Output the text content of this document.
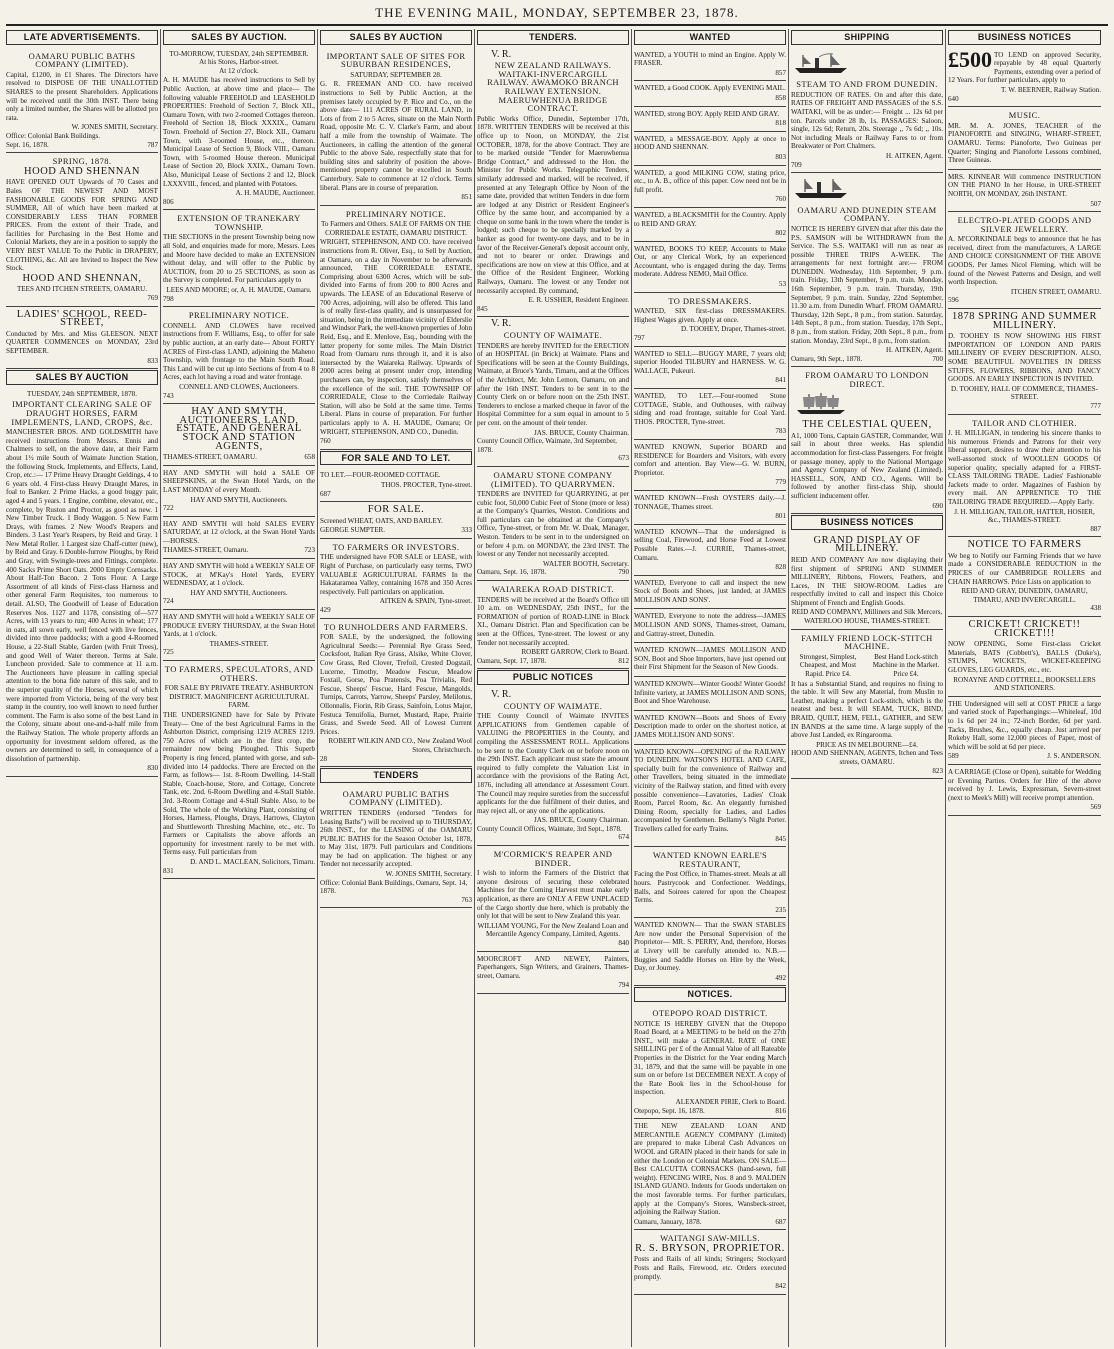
THE EVENING MAIL, MONDAY, SEPTEMBER 23, 1878.
LATE ADVERTISEMENTS.
OAMARU PUBLIC BATHS COMPANY (LIMITED).

Capital, £1200, in £1 Shares. The Directors have resolved to DISPOSE OF THE UNALLOTTED SHARES to the present Shareholders. Applications will be received until the 30th INST. There being only a limited number, the Shares will be allotted pro rata.

W. JONES SMITH, Secretary.
Office: Colonial Bank Buildings.
Sept. 16, 1878.	787
SPRING, 1878.
HOOD AND SHENNAN

HAVE OPENED OUT Upwards of 70 Cases and Bales OF THE NEWEST AND MOST FASHIONABLE GOODS FOR SPRING AND SUMMER, All of which have been marked at CONSIDERABLY LESS THAN FORMER PRICES. From the extent of their Trade, and facilities for Purchasing in the Best Home and Colonial Markets, they are in a position to supply the VERY BEST VALUE To the Public in DRAPERY, CLOTHING, &c. All are Invited to Inspect the New Stock.

HOOD AND SHENNAN,
TEES AND ITCHEN STREETS, OAMARU.
769
LADIES' SCHOOL, REED-STREET,

Conducted by Mrs. and Miss GLEESON. NEXT QUARTER COMMENCES on MONDAY, 23rd SEPTEMBER.

833
SALES BY AUCTION
TUESDAY, 24th SEPTEMBER, 1878.
IMPORTANT CLEARING SALE OF DRAUGHT HORSES, FARM IMPLEMENTS, LAND, CROPS, &c.

MANCHESTER BROS. AND GOLDSMITH have received instructions from Messrs. Ennis and Chalmers to sell, on the above date, at their Farm about 1½ mile South of Waimate Junction Station, the following Stock, Implements, and Effects, Land, Crop, etc.:— 17 Prime Heavy Draught Geldings, 4 to 6 years old. 4 First-class Heavy Draught Mares, in foal to Banker. 2 Prime Hacks, a good buggy pair, aged 4 and 5 years. 1 Engine, combine, elevator, etc., complete, by Ruston and Proctor, as good as new. 1 New Timber Truck. 1 Body Waggon. 5 New Farm Drays, with frames. 2 New Wood's Reapers and Binders. 3 Last Year's Reapers, by Reid and Gray. 1 New Metal Roller. 1 Largest size Chaff-cutter (new), by Reid and Gray. 6 Double-furrow Ploughs, by Reid and Gray, with Swingle-trees and Fittings, complete. 400 Sacks Prime Short Oats. 2000 Empty Cornsacks. About Half-Ton Bacon. 2 Tons Flour. A Large Assortment of all kinds of First-class Harness and other general Farm Requisites, too numerous to detail. ALSO, The Goodwill of Lease of Education Reserves Nos. 1127 and 1178, consisting of—577 Acres, with 13 years to run; 400 Acres in wheat; 177 in oats, all sown early, well fenced with live fences, divided into three paddocks; with a good 4-Roomed House, a 22-Stall Stable, Garden (with Fruit Trees), and good Well of Water thereon. Terms at Sale. Luncheon provided. Sale to commence at 11 a.m. The Auctioneers have pleasure in calling special attention to the bona fide nature of this sale, and to the superior quality of the Horses, several of which were imported from Victoria, being of the very best stamp in the country, too well known to need further comment. The Farm is also some of the best Land in the Colony, situate about one-and-a-half mile from the Railway Station. The whole property affords an opportunity for investment seldom offered, as the owners are determined to sell, in consequence of a dissolution of partnership.

830
SALES BY AUCTION.
TO-MORROW, TUESDAY, 24th SEPTEMBER.
At his Stores, Harbor-street.
At 12 o'clock.

A. H. MAUDE has received instructions to Sell by Public Auction, at above time and place— The following valuable FREEHOLD and LEASEHOLD PROPERTIES: Freehold of Section 7, Block XII., Oamaru Town, with two 2-roomed Cottages thereon. Freehold of Section 18, Block XXXIX., Oamaru Town. Freehold of Section 27, Block XII., Oamaru Town, with 3-roomed House, etc., thereon. Municipal Lease of Section 9, Block VIII., Oamaru Town, with 5-roomed House thereon. Municipal Lease of Section 20, Block XXIX., Oamaru Town. Also, Municipal Lease of Sections 2 and 12, Block LXXXVIII., fenced, and planted with Potatoes.

A. H. MAUDE, Auctioneer.
806
EXTENSION OF TRANEKARY TOWNSHIP.

THE SECTIONS in the present Township being now all Sold, and enquiries made for more, Messrs. Lees and Moore have decided to make an EXTENSION without delay, and will offer to the Public by AUCTION, from 20 to 25 SECTIONS, as soon as the Survey is completed. For particulars apply to

LEES AND MOORE; or, A. H. MAUDE, Oamaru.
798
PRELIMINARY NOTICE.

CONNELL AND CLOWES have received instructions from F. Williams, Esq., to offer for sale by public auction, at an early date— About FORTY ACRES of First-class LAND, adjoining the Maheno Township, with frontage to the Main South Road. This Land will be cut up into Sections of from 4 to 8 Acres, each lot having a road and water frontage.

CONNELL AND CLOWES, Auctioneers.
743
HAY AND SMYTH, AUCTIONEERS, LAND, ESTATE, AND GENERAL STOCK AND STATION AGENTS,
THAMES-STREET, OAMARU.	658

HAY AND SMYTH will hold a SALE OF SHEEPSKINS, at the Swan Hotel Yards, on the LAST MONDAY of every Month.

HAY AND SMYTH, Auctioneers.
722

HAY AND SMYTH will hold SALES EVERY SATURDAY, at 12 o'clock, at the Swan Hotel Yards—HORSES.

THAMES-STREET, Oamaru.	723

HAY AND SMYTH will hold a WEEKLY SALE OF STOCK, at M'Kay's Hotel Yards, EVERY WEDNESDAY, at 1 o'clock.

HAY AND SMYTH, Auctioneers.
724

HAY AND SMYTH will hold a WEEKLY SALE OF PRODUCE EVERY THURSDAY, at the Swan Hotel Yards, at 1 o'clock.

THAMES-STREET.
725
TO FARMERS, SPECULATORS, AND OTHERS.
FOR SALE BY PRIVATE TREATY. ASHBURTON DISTRICT. MAGNIFICENT AGRICULTURAL FARM.

THE UNDERSIGNED have for Sale by Private Treaty— One of the best Agricultural Farms in the Ashburton District, comprising 1219 ACRES 1219. 750 Acres of which are in the first crop, the remainder now being Ploughed. This Superb Property is ring fenced, planted with gorse, and sub-divided into 14 paddocks. There are Erected on the Farm, as follows— 1st. 8-Room Dwelling, 14-Stall Stable, Coach-house, Store, and Cottage, Concrete Tank, etc. 2nd. 6-Room Dwelling and 4-Stall Stable. 3rd. 3-Room Cottage and 4-Stall Stable. Also, to be Sold, The whole of the Working Plant, consisting of Horses, Harness, Ploughs, Drays, Harrows, Clayton and Shuttleworth Threshing Machine, etc., etc. To Farmers or Capitalists the above affords an opportunity for investment rarely to be met with. Terms easy. Full particulars from

D. AND L. MACLEAN, Solicitors, Timaru.
831
SALES BY AUCTION
IMPORTANT SALE OF SITES FOR SUBURBAN RESIDENCES,
SATURDAY, SEPTEMBER 28.

G. R. FREEMAN AND CO. have received instructions to Sell by Public Auction, at the premises lately occupied by P. Rice and Co., on the above date— 111 ACRES OF RURAL LAND, in Lots of from 2 to 5 Acres, situate on the Main North Road, opposite Mr. C. V. Clarke's Farm, and about half a mile from the township of Waimate. The Auctioneers, in calling the attention of the general Public to the above Sale, respectfully state that for building sites and salubrity of position the above-mentioned property cannot be excelled in South Canterbury. Sale to commence at 12 o'clock. Terms liberal. Plans are in course of preparation.

851
PRELIMINARY NOTICE.
To Farmers and Others. SALE OF FARMS ON THE CORRIEDALE ESTATE, OAMARU DISTRICT.

WRIGHT, STEPHENSON, AND CO. have received instructions from R. Oliver, Esq., to Sell by Auction, at Oamaru, on a day in November to be afterwards announced, THE CORRIEDALE ESTATE, Comprising about 6300 Acres, which will be sub-divided into Farms of from 200 to 800 Acres and upwards. The LEASE of an Educational Reserve of 700 Acres, adjoining, will also be offered. This land is of really first-class quality, and is unsurpassed for situation, being in the immediate vicinity of Elderslie and Windsor Park, the well-known properties of John Reid, Esq., and E. Menlove, Esq., bounding with the latter property for some miles. The Main District Road from Oamaru runs through it, and it is also intersected by the Waiareka Railway. Upwards of 2000 acres being at present under crop, intending purchasers can, by inspection, satisfy themselves of the excellence of the soil. THE TOWNSHIP OF CORRIEDALE, Close to the Corriedale Railway Station, will also be Sold at the same time. Terms Liberal. Plans in course of preparation. For further particulars apply to A. H. MAUDE, Oamaru; Or WRIGHT, STEPHENSON, AND CO., Dunedin.

760
FOR SALE AND TO LET.

TO LET.—FOUR-ROOMED COTTAGE.

THOS. PROCTER, Tyne-street.
687
FOR SALE.

Screened WHEAT, OATS, AND BARLEY.

GEORGE SUMPTER.	333
TO FARMERS OR INVESTORS.

THE undersigned have FOR SALE or LEASE, with Right of Purchase, on particularly easy terms, TWO VALUABLE AGRICULTURAL FARMS In the Hakataramea Valley, containing 1678 and 350 Acres respectively. Full particulars on application.

AITKEN & SPAIN, Tyne-street.
429
TO RUNHOLDERS AND FARMERS.

FOR SALE, by the undersigned, the following Agricultural Seeds:— Perennial Rye Grass Seed, Cocksfoot, Italian Rye Grass, Alsike, White Clover, Cow Grass, Red Clover, Trefoil, Crested Dogstail, Lucerne, Timothy, Meadow Fescue, Meadow Foxtail, Gorse, Poa Pratensis, Poa Trivialis, Red Fescue, Sheeps' Fescue, Hard Fescue, Mangolds, Turnips, Carrots, Yarrow, Sheeps' Parsley, Melilotus, Ollonnalis, Fiorin, Rib Grass, Sainfoin, Lotus Major, Festuca Tenuifolia, Burnet, Mustard, Rape, Prairie Grass, and Swede Seed. All of Lowest Current Prices.

ROBERT WILKIN AND CO., New Zealand Wool Stores, Christchurch.
28
TENDERS
OAMARU PUBLIC BATHS COMPANY (LIMITED).

WRITTEN TENDERS (endorsed "Tenders for Leasing Baths") will be received up to THURSDAY, 26th INST., for the LEASING of the OAMARU PUBLIC BATHS for the Season October 1st, 1878, to May 31st, 1879. Full particulars and Conditions may be had on application. The highest or any Tender not necessarily accepted.

W. JONES SMITH, Secretary.
Office: Colonial Bank Buildings, Oamaru, Sept. 14, 1878.
763
TENDERS.
V. R.
NEW ZEALAND RAILWAYS. WAITAKI-INVERCARGILL RAILWAY. AWAMOKO BRANCH RAILWAY EXTENSION. MAERUWHENUA BRIDGE CONTRACT.

Public Works Office, Dunedin, September 17th, 1878. WRITTEN TENDERS will be received at this office up to Noon, on MONDAY, the 21st OCTOBER, 1878, for the above Contract. They are to be marked outside "Tender for Maeruwhenua Bridge Contract," and addressed to the Hon. the Minister for Public Works. Telegraphic Tenders, similarly addressed and marked, will be received, if presented at any Telegraph Office by Noon of the same date, provided that written Tenders in due form are lodged at any District or Resident Engineer's Office by the same hour, and accompanied by a cheque on some bank in the town where the tender is lodged; such cheque to be specially marked by a banker as good for twenty-one days, and to be in favor of the Receiver-General's deposit account only, and not to bearer or order. Drawings and specifications are now on view at this Office, and at the Office of the Resident Engineer, Working Railways, Oamaru. The lowest or any Tender not necessarily accepted. By command,

E. R. USSHER, Resident Engineer.
845
V. R.
COUNTY OF WAIMATE.

TENDERS are hereby INVITED for the ERECTION of an HOSPITAL (in Brick) at Waimate. Plans and Specifications will be seen at the County Buildings, Waimate, at Bruce's Yards, Timaru, and at the Offices of the Architect, Mr. John Lemon, Oamaru, on and after the 16th INST. Tenders to be sent in to the County Clerk on or before noon on the 25th INST. Tenderers to enclose a marked cheque in favor of the Hospital Committee for a sum equal in amount to 5 per cent. on the amount of their tender.

JAS. BRUCE, County Chairman.
County Council Office, Waimate, 3rd September, 1878.
673
OAMARU STONE COMPANY (LIMITED). TO QUARRYMEN.

TENDERS are INVITED for QUARRYING, at per cubic foot, 50,000 Cubic Feet of Stone (more or less) at the Company's Quarries, Weston. Conditions and full particulars can be obtained at the Company's Office, Tyne-street, or from Mr. W. Doak, Manager, Weston. Tenders to be sent in to the undersigned on or before 4 p.m. on MONDAY, the 23rd INST. The lowest or any Tender not necessarily accepted.

WALTER BOOTH, Secretary.
Oamaru, Sept. 16, 1878.	790
WAIAREKA ROAD DISTRICT.

TENDERS will be received at the Board's Office till 10 a.m. on WEDNESDAY, 25th INST., for the FORMATION of portion of ROAD-LINE in Block XI., Oamaru District. Plan and Specification can be seen at the Offices, Tyne-street. The lowest or any Tender not necessarily accepted.

ROBERT GARROW, Clerk to Board.
Oamaru, Sept. 17, 1878.	812
PUBLIC NOTICES
V. R.
COUNTY OF WAIMATE.

THE County Council of Waimate INVITES APPLICATIONS from Gentlemen capable of VALUING the PROPERTIES in the County, and compiling the ASSESSMENT ROLL. Applications to be sent to the County Clerk on or before noon on the 29th INST. Each applicant must state the amount required to fully complete the Valuation List in accordance with the provisions of the Rating Act, 1876, including all attendance at Assessment Court. The Council may require sureties from the successful applicants for the due fulfilment of their duties, and may reject all, or any one of the applications.

JAS. BRUCE, County Chairman.
County Council Offices, Waimate, 3rd Sept., 1878.
674
M'CORMICK'S REAPER AND BINDER.

I wish to inform the Farmers of the District that anyone desirous of securing these celebrated Machines for the Coming Harvest must make early application, as there are ONLY A FEW UNPLACED of the Cargo shortly due here, which is probably the only lot that will be sent to New Zealand this year.

WILLIAM YOUNG, For the New Zealand Loan and Mercantile Agency Company, Limited, Agents.
840

MOORCROFT AND NEWEY, Painters, Paperhangers, Sign Writers, and Grainers, Thames-street, Oamaru.

794
WANTED

WANTED, a YOUTH to mind an Engine. Apply W. FRASER.

857

WANTED, a Good COOK. Apply EVENING MAIL.

858

WANTED, strong BOY. Apply REID AND GRAY.

818

WANTED, a MESSAGE-BOY. Apply at once to HOOD AND SHENNAN.

803

WANTED, a good MILKING COW, stating price, etc., to A. B., office of this paper. Cow need not be in full profit.

760

WANTED, a BLACKSMITH for the Country. Apply to REID AND GRAY.

802

WANTED, BOOKS TO KEEP, Accounts to Make Out, or any Clerical Work, by an experienced Accountant, who is engaged during the day. Terms moderate. Address NEMO, Mail Office.

53
TO DRESSMAKERS.

WANTED, SIX first-class DRESSMAKERS. Highest Wages given. Apply at once.

D. TOOHEY, Draper, Thames-street.
797

WANTED to SELL—BUGGY MARE, 7 years old; superior Hooded TILBURY and HARNESS. W. G. WALLACE, Pukeuri.

841

WANTED, TO LET.—Four-roomed Stone COTTAGE, Stable, and Outhouses, with railway siding and road frontage, suitable for Coal Yard. THOS. PROCTER, Tyne-street.

783

WANTED KNOWN, Superior BOARD and RESIDENCE for Boarders and Visitors, with every comfort and attention. Bay View—G. W. BURN, Proprietor.

779

WANTED KNOWN—Fresh OYSTERS daily.—J. TONNAGE, Thames street.

801

WANTED KNOWN—That the undersigned is selling Coal, Firewood, and Horse Feed at Lowest Possible Rates.—J. CURRIE, Thames-street, Oamaru.

828

WANTED, Everyone to call and inspect the new Stock of Boots and Shoes, just landed, at JAMES MOLLISON AND SONS'.

WANTED, Everyone to note the address—JAMES MOLLISON AND SONS, Thames-street, Oamaru, and Gattray-street, Dunedin.

WANTED KNOWN—JAMES MOLLISON AND SON, Boot and Shoe Importers, have just opened out their First Shipment for the Season of New Goods.

WANTED KNOWN—Winter Goods! Winter Goods! Infinite variety, at JAMES MOLLISON AND SONS, Boot and Shoe Warehouse.

WANTED KNOWN—Boots and Shoes of Every Description made to order on the shortest notice, at JAMES MOLLISON AND SONS'.

WANTED KNOWN—OPENING of the RAILWAY TO DUNEDIN. WATSON'S HOTEL AND CAFE, specially built for the convenience of Railway and other Travellers, being situated in the immediate vicinity of the Railway station, and fitted with every possible convenience—Lavatories, Ladies' Cloak Room, Parcel Room, &c. An elegantly furnished Dining Room, specially for Ladies, and Ladies accompanied by Gentlemen. Bellamy's Night Porter. Travellers called for early Trains.

845
WANTED KNOWN EARLE'S RESTAURANT,

Facing the Post Office, in Thames-street. Meals at all hours. Pastrycook and Confectioner. Weddings, Balls, and Soirees catered for upon the Cheapest Terms.

235

WANTED KNOWN— That the SWAN STABLES Are now under the Personal Supervision of the Proprietor— MR. S. PERRY, And, therefore, Horses at Livery will be carefully attended to. N.B.—Buggies and Saddle Horses on Hire by the Week, Day, or Journey.

492
NOTICES.
OTEPOPO ROAD DISTRICT.

NOTICE IS HEREBY GIVEN that the Otepopo Road Board, at a MEETING to be held on the 27th INST., will make a GENERAL RATE of ONE SHILLING per £ of the Annual Value of all Rateable Properties in the District for the Year ending March 31, 1879, and that the same will be payable in one sum on or before 1st DECEMBER NEXT. A copy of the Rate Book lies in the School-house for inspection.

ALEXANDER PIRIE, Clerk to Board.
Otepopo, Sept. 16, 1878.	816

THE NEW ZEALAND LOAN AND MERCANTILE AGENCY COMPANY (Limited) are prepared to make Liberal Cash Advances on WOOL and GRAIN placed in their hands for sale in either the London or Colonial Markets. ON SALE— Best CALCUTTA CORNSACKS (hand-sewn, full weight). FENCING WIRE, Nos. 8 and 9. MALDEN ISLAND GUANO. Indents for Goods undertaken on the most favorable terms. For further particulars, apply at the Company's Stores, Wansbeck-street, adjoining the Railway Station.

Oamaru, January, 1878.	687
WAITANGI SAW-MILLS.
R. S. BRYSON, PROPRIETOR.

Posts and Rails of all kinds; Stringers; Stockyard Posts and Rails, Firewood, etc. Orders executed promptly.

842
SHIPPING
STEAM TO AND FROM DUNEDIN.

REDUCTION OF RATES. On and after this date, RATES OF FREIGHT AND PASSAGES of the S.S. WAITAKI, will be as under:— Freight ... 12s 6d per ton. Parcels under 28 lb, 1s. PASSAGES: Saloon, single, 12s 6d; Return, 20s. Steerage ,, 7s 6d; ,, 10s. Not including Meals or Railway Fares to or from Breakwater or Port Chalmers.

H. AITKEN, Agent.
709
OAMARU AND DUNEDIN STEAM COMPANY.

NOTICE IS HEREBY GIVEN that after this date the P.S. SAMSON will be WITHDRAWN from the Service. The S.S. WAITAKI will run as near as possible THREE TRIPS A-WEEK. The arrangements for next fortnight are:— FROM DUNEDIN. Wednesday, 11th September, 9 p.m. train. Friday, 13th September, 9 p.m. train. Monday, 16th September, 9 p.m. train. Thursday, 19th September, 9 p.m. train. Sunday, 22nd September, 11.30 a.m. from Dunedin Wharf. FROM OAMARU. Thursday, 12th Sept., 8 p.m., from station. Saturday, 14th Sept., 8 p.m., from station. Tuesday, 17th Sept., 8 p.m., from station. Friday, 20th Sept., 8 p.m., from station. Monday, 23rd Sept., 8 p.m., from station.

H. AITKEN, Agent.
Oamaru, 9th Sept., 1878.	700
FROM OAMARU TO LONDON DIRECT.
THE CELESTIAL QUEEN,

A1, 1000 Tons, Captain GASTER, Commander, Will sail in about three weeks. Has splendid accommodation for first-class Passengers. For freight or passage money, apply to the National Mortgage and Agency Company of New Zealand (Limited). HASSELL, SON, AND CO., Agents. Will be followed by another first-class Ship, should sufficient inducement offer.

690
BUSINESS NOTICES
GRAND DISPLAY OF MILLINERY.

REID AND COMPANY Are now displaying their first shipment of SPRING AND SUMMER MILLINERY, Ribbons, Flowers, Feathers, and Laces, IN THE SHOW-ROOM. Ladies are respectfully invited to call and inspect this Choice Shipment of French and English Goods.

REID AND COMPANY, Milliners and Silk Mercers, WATERLOO HOUSE, THAMES-STREET.
FAMILY FRIEND LOCK-STITCH MACHINE.
Strongest, Simplest, Cheapest, and Most Rapid. Price £4.
Best Hand Lock-stitch Machine in the Market. Price £4.

It has a Substantial Stand, and requires no fixing to the table. It will Sew any Material, from Muslin to Leather, making a perfect Lock-stitch, which is the neatest and best. It will SEAM, TUCK, BIND, BRAID, QUILT, HEM, FELL, GATHER, and SEW IN BANDS at the same time. A large supply of the above Just Landed, ex Ringarooma.

PRICE AS IN MELBOURNE—£4.
HOOD AND SHENNAN, AGENTS, Itchen and Tees streets, OAMARU.
823
BUSINESS NOTICES
£500 TO LEND on approved Security, repayable by 48 equal Quarterly Payments, extending over a period of 12 Years. For further particulars, apply to

T. W. BEERNER, Railway Station.
640
MUSIC.

MR. M. A. JONES, TEACHER of the PIANOFORTE and SINGING, WHARF-STREET, OAMARU. Terms: Pianoforte, Two Guineas per Quarter; Singing and Pianoforte Lessons combined, Three Guineas.

MRS. KINNEAR Will commence INSTRUCTION ON THE PIANO In her House, in URE-STREET NORTH, ON MONDAY, 26th INSTANT.

507
ELECTRO-PLATED GOODS AND SILVER JEWELLERY.

A. M'CORKINDALE begs to announce that he has received, direct from the manufacturers, A LARGE AND CHOICE CONSIGNMENT OF THE ABOVE GOODS, Per James Nicol Fleming, which will be found of the Newest Patterns and Design, and well worth Inspection.

ITCHEN STREET, OAMARU.
596
1878 SPRING AND SUMMER MILLINERY.

D. TOOHEY IS NOW SHOWING HIS FIRST IMPORTATION OF LONDON AND PARIS MILLINERY OF EVERY DESCRIPTION. ALSO, SOME BEAUTIFUL NOVELTIES IN DRESS STUFFS, FLOWERS, RIBBONS, AND FANCY GOODS. AN EARLY INSPECTION IS INVITED.

D. TOOHEY, HALL OF COMMERCE, THAMES-STREET.
777
TAILOR AND CLOTHIER.

J. H. MILLIGAN, in tendering his sincere thanks to his numerous Friends and Patrons for their very liberal support, desires to draw their attention to his well-assorted stock of WOOLLEN GOODS Of superior quality, specially adapted for a FIRST-CLASS TAILORING TRADE. Ladies' Fashionable Jackets made to order. Magazines of Fashion by every mail. AN APPRENTICE TO THE TAILORING TRADE REQUIRED.—Apply Early.

J. H. MILLIGAN, TAILOR, HATTER, HOSIER, &c., THAMES-STREET.
887
NOTICE TO FARMERS

We beg to Notify our Farming Friends that we have made a CONSIDERABLE REDUCTION in the PRICES of our CAMBRIDGE ROLLERS and CHAIN HARROWS. Price Lists on application to

REID AND GRAY, DUNEDIN, OAMARU, TIMARU, AND INVERCARGILL.
438
CRICKET! CRICKET!! CRICKET!!!

NOW OPENING, Some First-class Cricket Materials, BATS (Cobbett's), BALLS (Duke's), STUMPS, WICKETS, WICKET-KEEPING GLOVES, LEG GUARDS, etc., etc.

RONAYNE AND COTTRELL, BOOKSELLERS AND STATIONERS.

THE Undersigned will sell at COST PRICE a large and varied stock of Paperhangings:—Whiteleaf, 10d to 1s 6d per 24 in.; 72-inch Border, 6d per yard. Tacks, Brushes, &c., equally cheap. Just arrived per Rokeby Hall, some 12,000 pieces of Paper, most of which will be sold at 6d per piece.

589	J. S. ANDERSON.

A CARRIAGE (Close or Open), suitable for Wedding or Evening Parties. Orders for Hire of the above received by J. Lewis, Expressman, Severn-street (next to Meek's Mill) will receive prompt attention.

569
